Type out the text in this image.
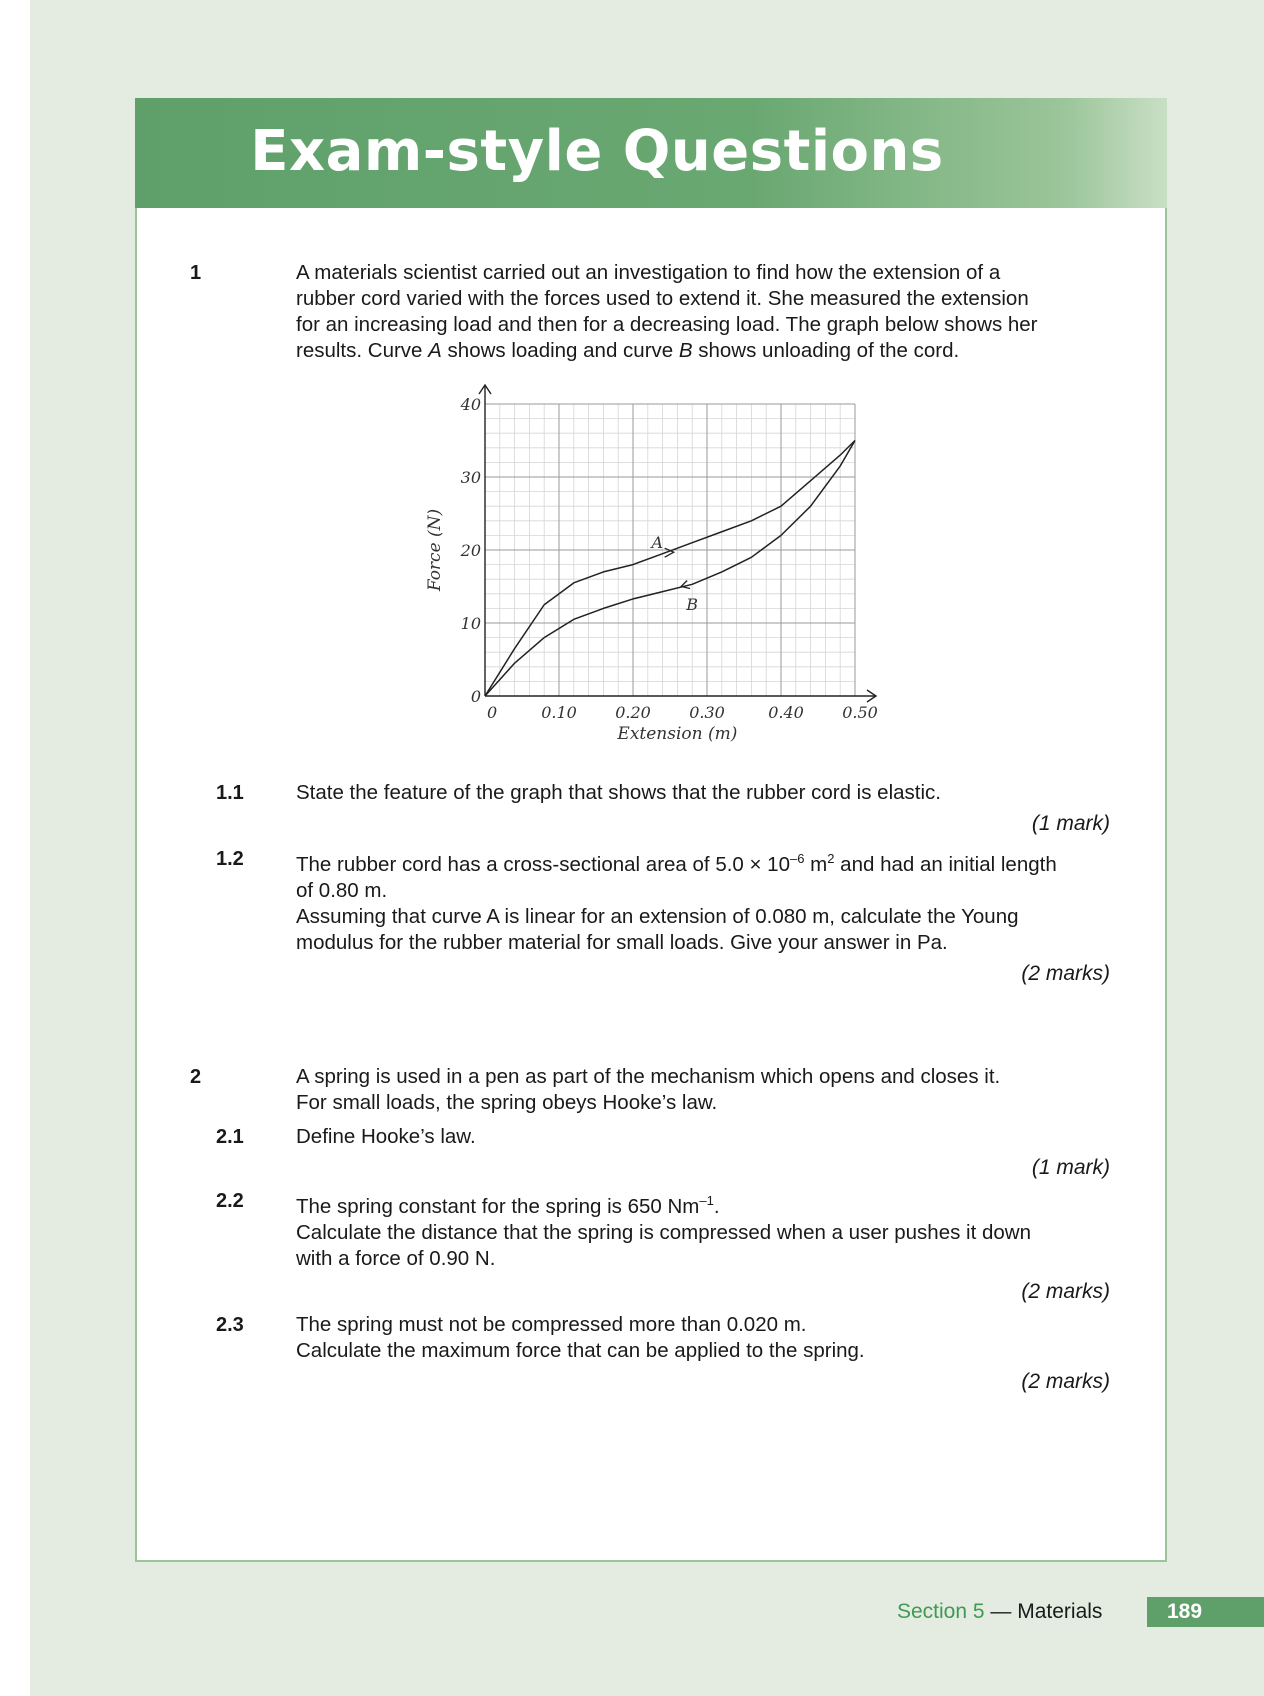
Exam-style Questions
1	A materials scientist carried out an investigation to find how the extension of a
rubber cord varied with the forces used to extend it. She measured the extension
for an increasing load and then for a decreasing load. The graph below shows her
results. Curve A shows loading and curve B shows unloading of the cord.
0
10
20
30
40
0	0.10 0.20 0.30	0.40 0.50
Extension (m)
Force (N)	A
B
1.1	State the feature of the graph that shows that the rubber cord is elastic.
(1 mark)
1.2	The rubber cord has a cross-sectional area of $5.0 \times 10^{-6}$ $m^2$ and had an initial length
of 0.80 m.
Assuming that curve A is linear for an extension of 0.080 m, calculate the Young
modulus for the rubber material for small loads. Give your answer in Pa.
(2 marks)
2	A spring is used in a pen as part of the mechanism which opens and closes it.
For small loads, the spring obeys Hooke’s law.
2.1	Define Hooke’s law.
(1 mark)
2.2	The spring constant for the spring is 650 $Nm^{-1}$.
Calculate the distance that the spring is compressed when a user pushes it down
with a force of 0.90 N.
(2 marks)
2.3	The spring must not be compressed more than 0.020 m.
Calculate the maximum force that can be applied to the spring.
(2 marks)
Section 5 — Materials	189
